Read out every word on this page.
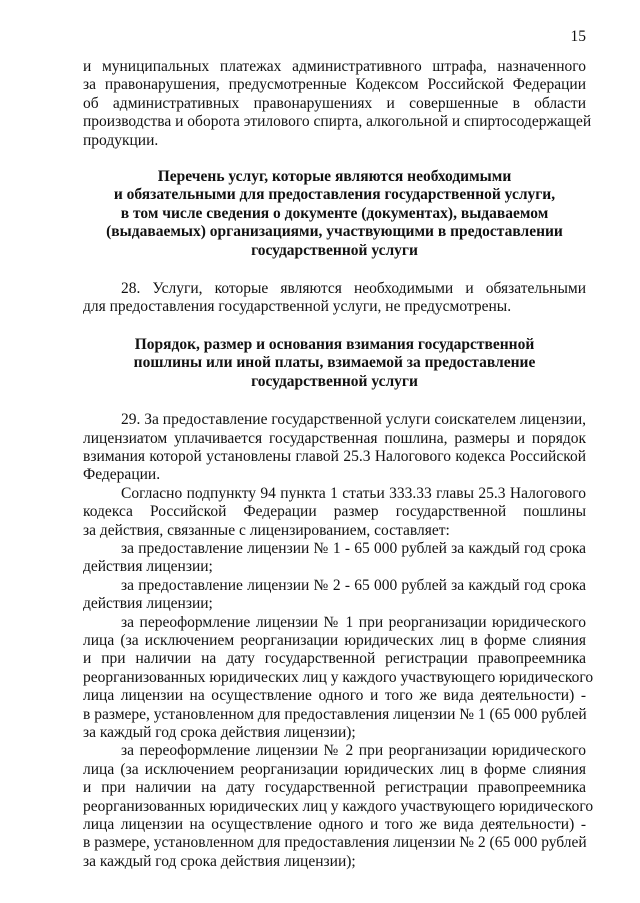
15
и муниципальных платежах административного штрафа, назначенного
за правонарушения, предусмотренные Кодексом Российской Федерации
об административных правонарушениях и совершенные в области
производства и оборота этилового спирта, алкогольной и спиртосодержащей
продукции.
Перечень услуг, которые являются необходимыми
и обязательными для предоставления государственной услуги,
в том числе сведения о документе (документах), выдаваемом
(выдаваемых) организациями, участвующими в предоставлении
государственной услуги
28. Услуги, которые являются необходимыми и обязательными
для предоставления государственной услуги, не предусмотрены.
Порядок, размер и основания взимания государственной
пошлины или иной платы, взимаемой за предоставление
государственной услуги
29. За предоставление государственной услуги соискателем лицензии,
лицензиатом уплачивается государственная пошлина, размеры и порядок
взимания которой установлены главой 25.3 Налогового кодекса Российской
Федерации.
Согласно подпункту 94 пункта 1 статьи 333.33 главы 25.3 Налогового
кодекса Российской Федерации размер государственной пошлины
за действия, связанные с лицензированием, составляет:
за предоставление лицензии № 1 - 65 000 рублей за каждый год срока
действия лицензии;
за предоставление лицензии № 2 - 65 000 рублей за каждый год срока
действия лицензии;
за переоформление лицензии № 1 при реорганизации юридического
лица (за исключением реорганизации юридических лиц в форме слияния
и при наличии на дату государственной регистрации правопреемника
реорганизованных юридических лиц у каждого участвующего юридического
лица лицензии на осуществление одного и того же вида деятельности) -
в размере, установленном для предоставления лицензии № 1 (65 000 рублей
за каждый год срока действия лицензии);
за переоформление лицензии № 2 при реорганизации юридического
лица (за исключением реорганизации юридических лиц в форме слияния
и при наличии на дату государственной регистрации правопреемника
реорганизованных юридических лиц у каждого участвующего юридического
лица лицензии на осуществление одного и того же вида деятельности) -
в размере, установленном для предоставления лицензии № 2 (65 000 рублей
за каждый год срока действия лицензии);
